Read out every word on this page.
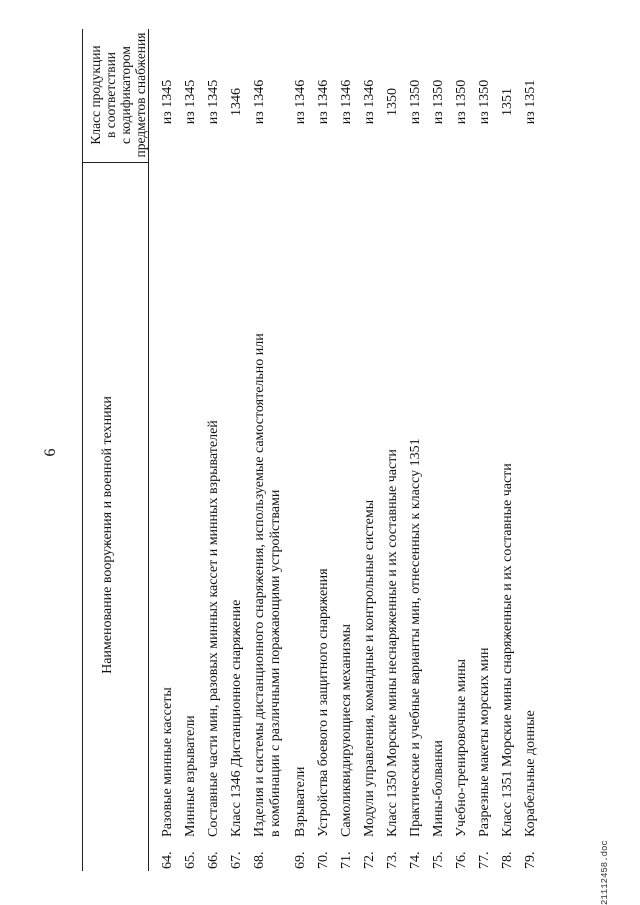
6	Наименование вооружения и военной техники
Класс продукции в соответствии с кодификатором предметов снабжения
64.
Разовые минные кассеты
из 1345
65.
Минные взрыватели
из 1345
66.
Составные части мин, разовых минных кассет и минных взрывателей
из 1345
67.
Класс 1346 Дистанционное снаряжение
1346
68.
Изделия и системы дистанционного снаряжения, используемые самостоятельно или в комбинации с различными поражающими устройствами
из 1346
69.
Взрыватели
из 1346
70.
Устройства боевого и защитного снаряжения
из 1346
71.
Самоликвидирующиеся механизмы
из 1346
72.
Модули управления, командные и контрольные системы
из 1346
73.
Класс 1350 Морские мины неснаряженные и их составные части
1350
74.
Практические и учебные варианты мин, отнесенных к классу 1351
из 1350
75.
Мины-болванки
из 1350
76.
Учебно-тренировочные мины
из 1350
77.
Разрезные макеты морских мин
из 1350
78.
Класс 1351 Морские мины снаряженные и их составные части
1351
79.
Корабельные донные
из 1351
21112458.doc
